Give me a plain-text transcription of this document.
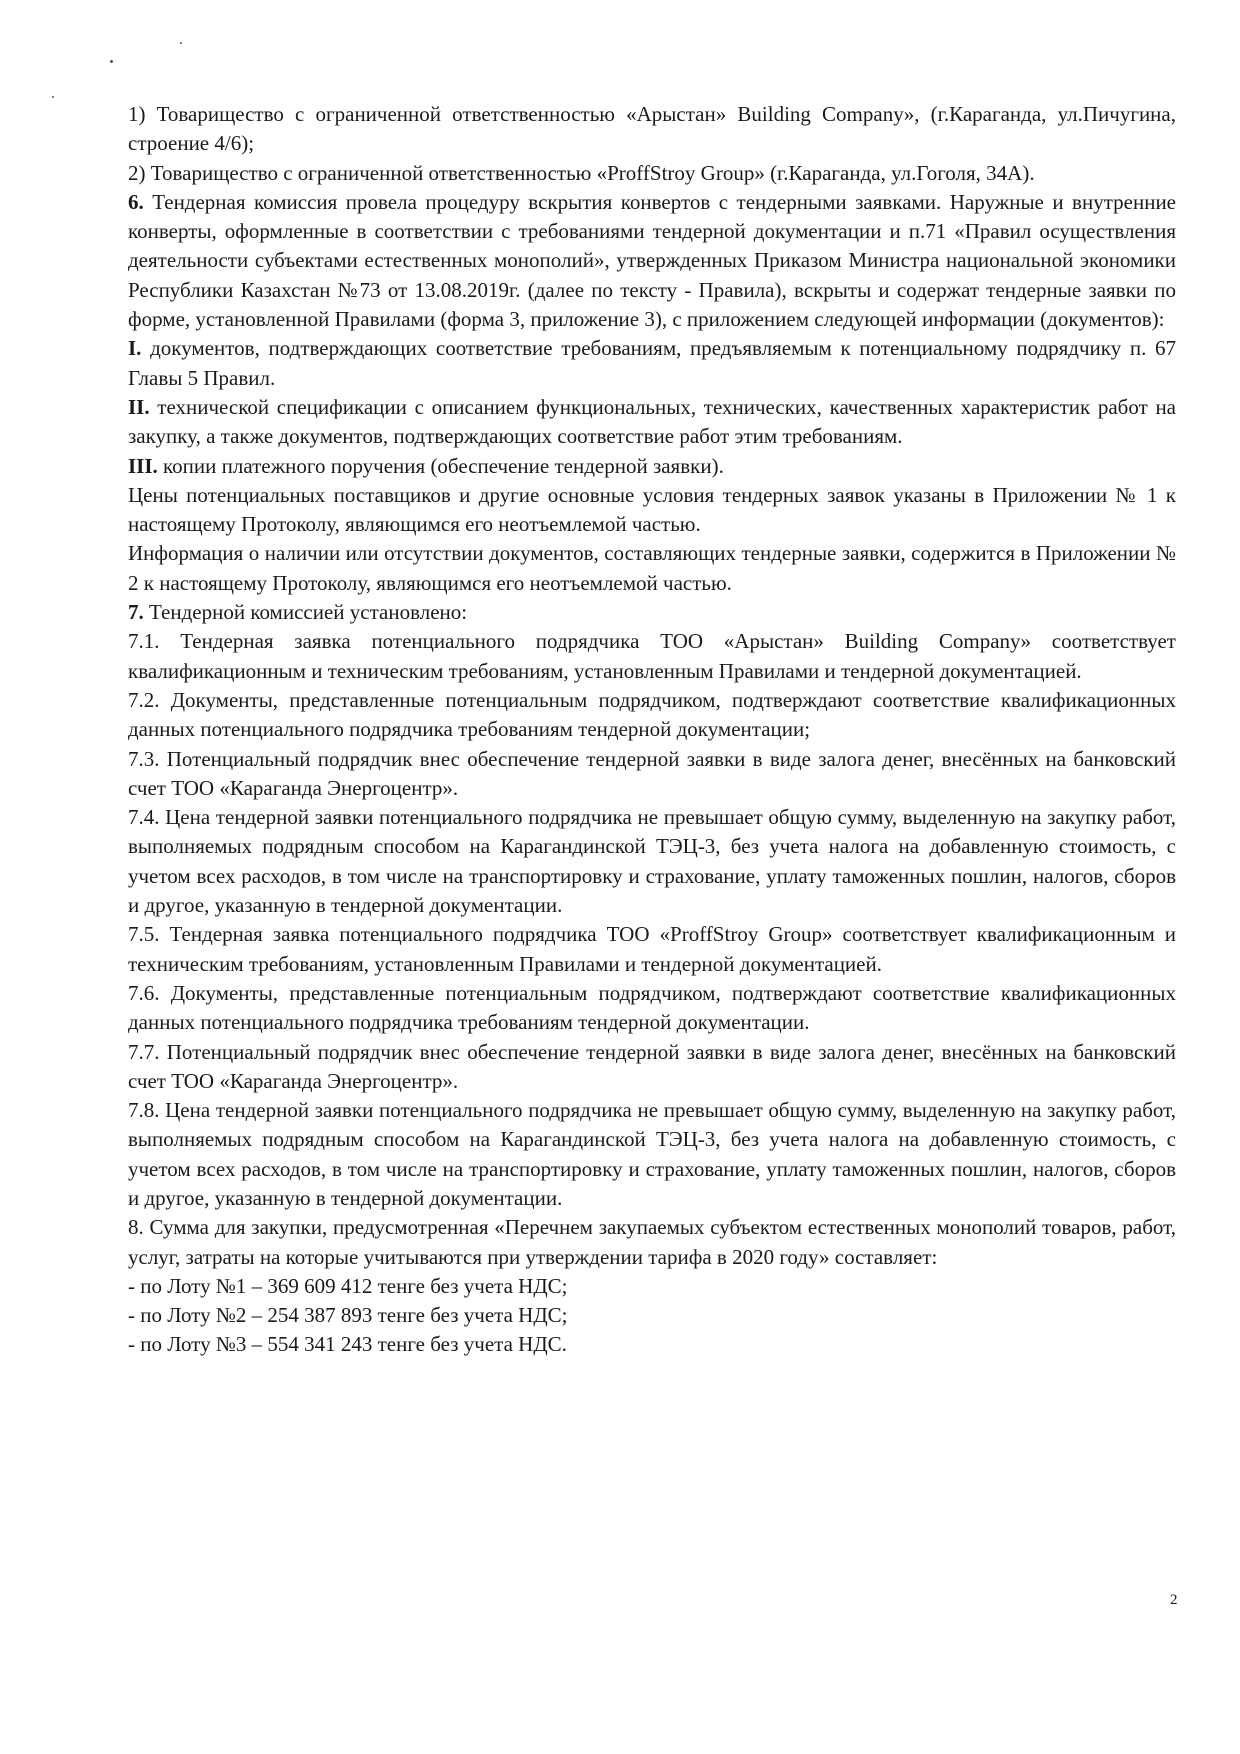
1) Товарищество с ограниченной ответственностью «Арыстан» Building Company», (г.Караганда, ул.Пичугина, строение 4/6);

2) Товарищество с ограниченной ответственностью «ProffStroy Group» (г.Караганда, ул.Гоголя, 34А).

6. Тендерная комиссия провела процедуру вскрытия конвертов с тендерными заявками. Наружные и внутренние конверты, оформленные в соответствии с требованиями тендерной документации и п.71 «Правил осуществления деятельности субъектами естественных монополий», утвержденных Приказом Министра национальной экономики Республики Казахстан №73 от 13.08.2019г. (далее по тексту - Правила), вскрыты и содержат тендерные заявки по форме, установленной Правилами (форма 3, приложение 3), с приложением следующей информации (документов):

I. документов, подтверждающих соответствие требованиям, предъявляемым к потенциальному подрядчику п. 67 Главы 5 Правил.

II. технической спецификации с описанием функциональных, технических, качественных характеристик работ на закупку, а также документов, подтверждающих соответствие работ этим требованиям.

III. копии платежного поручения (обеспечение тендерной заявки).

Цены потенциальных поставщиков и другие основные условия тендерных заявок указаны в Приложении № 1 к настоящему Протоколу, являющимся его неотъемлемой частью.

Информация о наличии или отсутствии документов, составляющих тендерные заявки, содержится в Приложении № 2 к настоящему Протоколу, являющимся его неотъемлемой частью.

7. Тендерной комиссией установлено:

7.1. Тендерная заявка потенциального подрядчика ТОО «Арыстан» Building Company» соответствует квалификационным и техническим требованиям, установленным Правилами и тендерной документацией.

7.2. Документы, представленные потенциальным подрядчиком, подтверждают соответствие квалификационных данных потенциального подрядчика требованиям тендерной документации;

7.3. Потенциальный подрядчик внес обеспечение тендерной заявки в виде залога денег, внесённых на банковский счет ТОО «Караганда Энергоцентр».

7.4. Цена тендерной заявки потенциального подрядчика не превышает общую сумму, выделенную на закупку работ, выполняемых подрядным способом на Карагандинской ТЭЦ-3, без учета налога на добавленную стоимость, с учетом всех расходов, в том числе на транспортировку и страхование, уплату таможенных пошлин, налогов, сборов и другое, указанную в тендерной документации.

7.5. Тендерная заявка потенциального подрядчика ТОО «ProffStroy Group» соответствует квалификационным и техническим требованиям, установленным Правилами и тендерной документацией.

7.6. Документы, представленные потенциальным подрядчиком, подтверждают соответствие квалификационных данных потенциального подрядчика требованиям тендерной документации.

7.7. Потенциальный подрядчик внес обеспечение тендерной заявки в виде залога денег, внесённых на банковский счет ТОО «Караганда Энергоцентр».

7.8. Цена тендерной заявки потенциального подрядчика не превышает общую сумму, выделенную на закупку работ, выполняемых подрядным способом на Карагандинской ТЭЦ-3, без учета налога на добавленную стоимость, с учетом всех расходов, в том числе на транспортировку и страхование, уплату таможенных пошлин, налогов, сборов и другое, указанную в тендерной документации.

8. Сумма для закупки, предусмотренная «Перечнем закупаемых субъектом естественных монополий товаров, работ, услуг, затраты на которые учитываются при утверждении тарифа в 2020 году» составляет:

- по Лоту №1 – 369 609 412 тенге без учета НДС;

- по Лоту №2 – 254 387 893 тенге без учета НДС;

- по Лоту №3 – 554 341 243 тенге без учета НДС.

2
